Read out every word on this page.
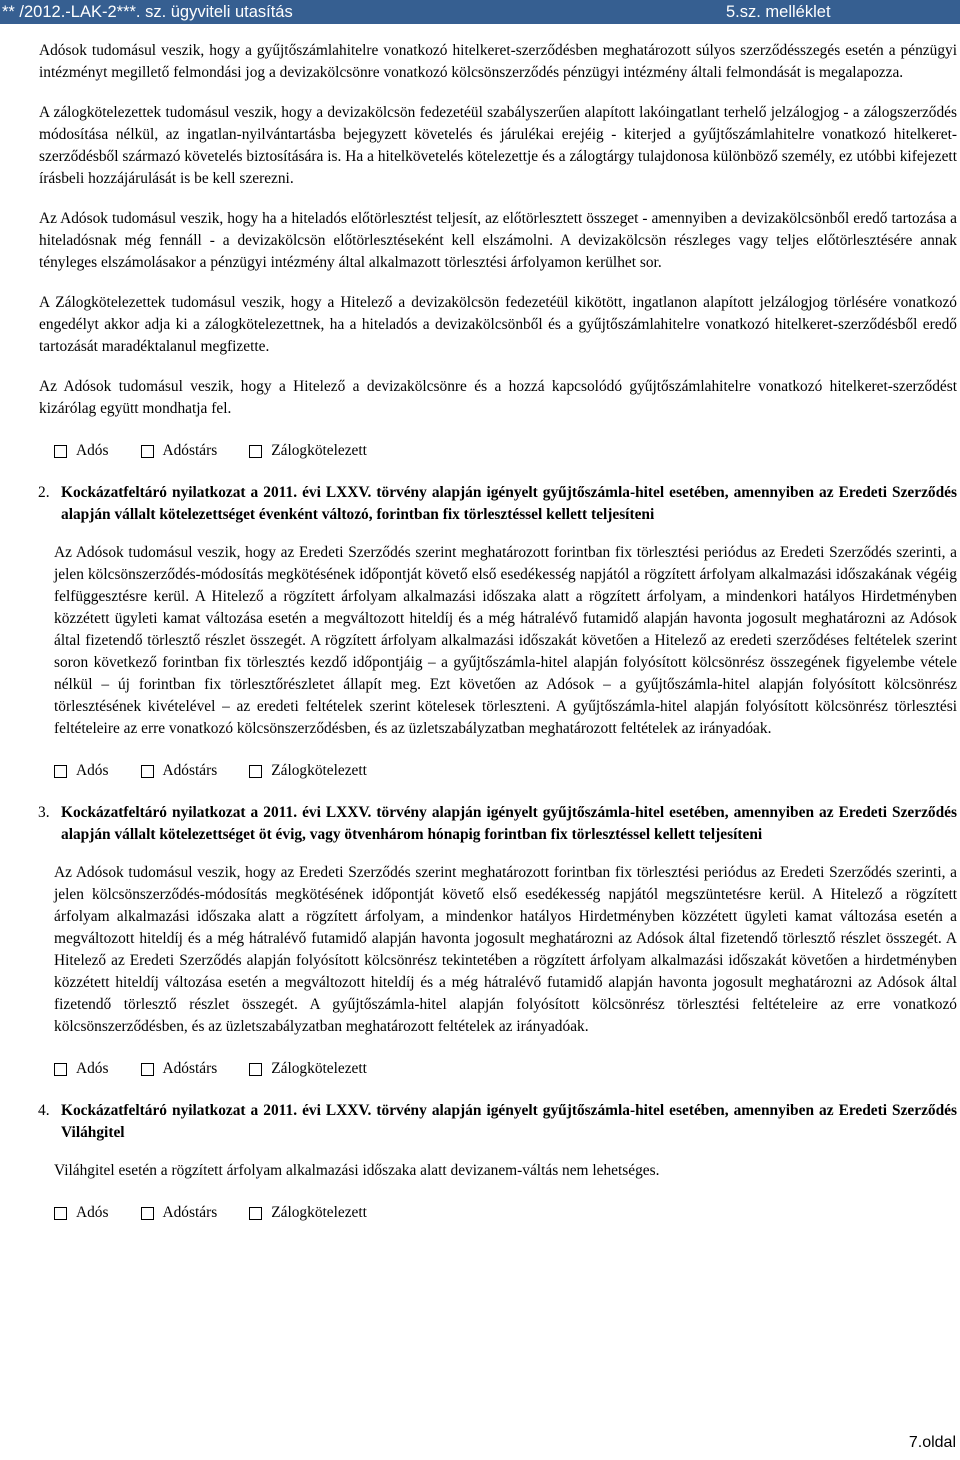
** /2012.-LAK-2***. sz. ügyviteli utasítás	5.sz. melléklet

Adósok tudomásul veszik, hogy a gyűjtőszámlahitelre vonatkozó hitelkeret-szerződésben meghatározott súlyos szerződésszegés esetén a pénzügyi intézményt megillető felmondási jog a devizakölcsönre vonatkozó kölcsönszerződés pénzügyi intézmény általi felmondását is megalapozza.

A zálogkötelezettek tudomásul veszik, hogy a devizakölcsön fedezetéül szabályszerűen alapított lakóingatlant terhelő jelzálogjog - a zálogszerződés módosítása nélkül, az ingatlan-nyilvántartásba bejegyzett követelés és járulékai erejéig - kiterjed a gyűjtőszámlahitelre vonatkozó hitelkeret-szerződésből származó követelés biztosítására is. Ha a hitelkövetelés kötelezettje és a zálogtárgy tulajdonosa különböző személy, ez utóbbi kifejezett írásbeli hozzájárulását is be kell szerezni.

Az Adósok tudomásul veszik, hogy ha a hiteladós előtörlesztést teljesít, az előtörlesztett összeget - amennyiben a devizakölcsönből eredő tartozása a hiteladósnak még fennáll - a devizakölcsön előtörlesztéseként kell elszámolni. A devizakölcsön részleges vagy teljes előtörlesztésére annak tényleges elszámolásakor a pénzügyi intézmény által alkalmazott törlesztési árfolyamon kerülhet sor.

A Zálogkötelezettek tudomásul veszik, hogy a Hitelező a devizakölcsön fedezetéül kikötött, ingatlanon alapított jelzálogjog törlésére vonatkozó engedélyt akkor adja ki a zálogkötelezettnek, ha a hiteladós a devizakölcsönből és a gyűjtőszámlahitelre vonatkozó hitelkeret-szerződésből eredő tartozását maradéktalanul megfizette.

Az Adósok tudomásul veszik, hogy a Hitelező a devizakölcsönre és a hozzá kapcsolódó gyűjtőszámlahitelre vonatkozó hitelkeret-szerződést kizárólag együtt mondhatja fel.

Adós	Adóstárs	Zálogkötelezett
2. Kockázatfeltáró nyilatkozat a 2011. évi LXXV. törvény alapján igényelt gyűjtőszámla-hitel esetében, amennyiben az Eredeti Szerződés alapján vállalt kötelezettséget évenként változó, forintban fix törlesztéssel kellett teljesíteni

Az Adósok tudomásul veszik, hogy az Eredeti Szerződés szerint meghatározott forintban fix törlesztési periódus az Eredeti Szerződés szerinti, a jelen kölcsönszerződés-módosítás megkötésének időpontját követő első esedékesség napjától a rögzített árfolyam alkalmazási időszakának végéig felfüggesztésre kerül. A Hitelező a rögzített árfolyam alkalmazási időszaka alatt a rögzített árfolyam, a mindenkori hatályos Hirdetményben közzétett ügyleti kamat változása esetén a megváltozott hiteldíj és a még hátralévő futamidő alapján havonta jogosult meghatározni az Adósok által fizetendő törlesztő részlet összegét. A rögzített árfolyam alkalmazási időszakát követően a Hitelező az eredeti szerződéses feltételek szerint soron következő forintban fix törlesztés kezdő időpontjáig – a gyűjtőszámla-hitel alapján folyósított kölcsönrész összegének figyelembe vétele nélkül – új forintban fix törlesztőrészletet állapít meg. Ezt követően az Adósok – a gyűjtőszámla-hitel alapján folyósított kölcsönrész törlesztésének kivételével – az eredeti feltételek szerint kötelesek törleszteni. A gyűjtőszámla-hitel alapján folyósított kölcsönrész törlesztési feltételeire az erre vonatkozó kölcsönszerződésben, és az üzletszabályzatban meghatározott feltételek az irányadóak.

Adós	Adóstárs	Zálogkötelezett
3. Kockázatfeltáró nyilatkozat a 2011. évi LXXV. törvény alapján igényelt gyűjtőszámla-hitel esetében, amennyiben az Eredeti Szerződés alapján vállalt kötelezettséget öt évig, vagy ötvenhárom hónapig forintban fix törlesztéssel kellett teljesíteni

Az Adósok tudomásul veszik, hogy az Eredeti Szerződés szerint meghatározott forintban fix törlesztési periódus az Eredeti Szerződés szerinti, a jelen kölcsönszerződés-módosítás megkötésének időpontját követő első esedékesség napjától megszüntetésre kerül. A Hitelező a rögzített árfolyam alkalmazási időszaka alatt a rögzített árfolyam, a mindenkor hatályos Hirdetményben közzétett ügyleti kamat változása esetén a megváltozott hiteldíj és a még hátralévő futamidő alapján havonta jogosult meghatározni az Adósok által fizetendő törlesztő részlet összegét. A Hitelező az Eredeti Szerződés alapján folyósított kölcsönrész tekintetében a rögzített árfolyam alkalmazási időszakát követően a hirdetményben közzétett hiteldíj változása esetén a megváltozott hiteldíj és a még hátralévő futamidő alapján havonta jogosult meghatározni az Adósok által fizetendő törlesztő részlet összegét. A gyűjtőszámla-hitel alapján folyósított kölcsönrész törlesztési feltételeire az erre vonatkozó kölcsönszerződésben, és az üzletszabályzatban meghatározott feltételek az irányadóak.

Adós	Adóstárs	Zálogkötelezett
4. Kockázatfeltáró nyilatkozat a 2011. évi LXXV. törvény alapján igényelt gyűjtőszámla-hitel esetében, amennyiben az Eredeti Szerződés Viláhgitel

Viláhgitel esetén a rögzített árfolyam alkalmazási időszaka alatt devizanem-váltás nem lehetséges.

Adós	Adóstárs	Zálogkötelezett
7.oldal
